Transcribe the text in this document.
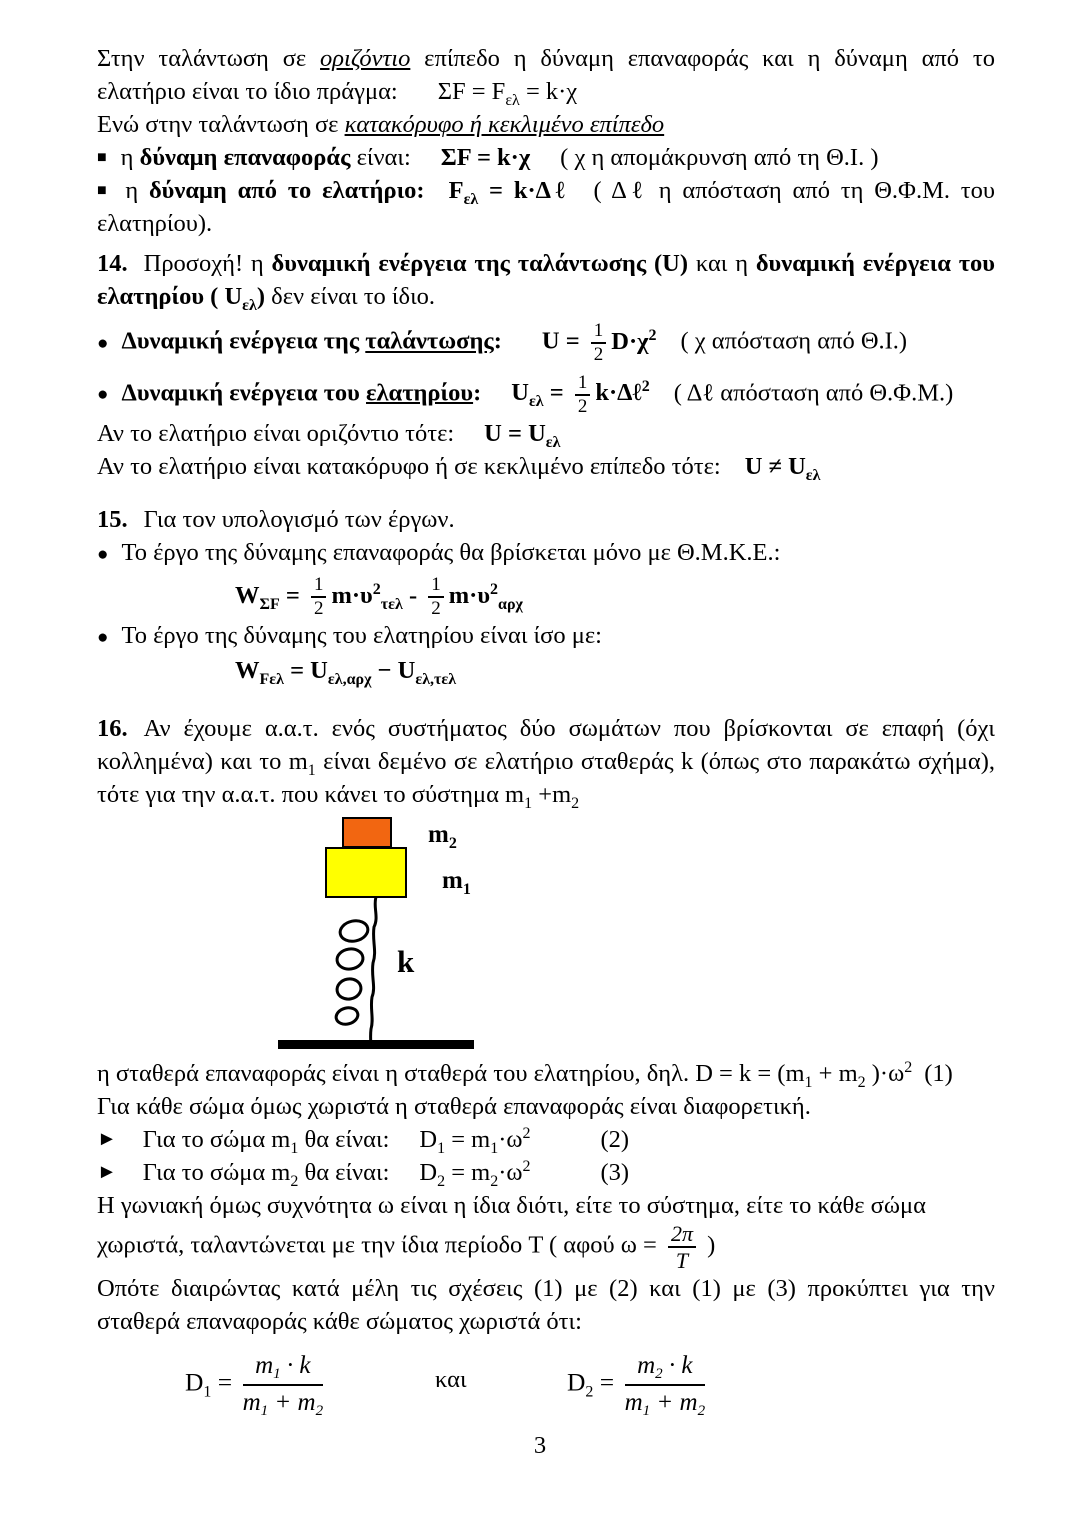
Στην ταλάντωση σε οριζόντιο επίπεδο η δύναμη επαναφοράς και η δύναμη από το ελατήριο είναι το ίδιο πράγμα: $\Sigma F = F_{\varepsilon\lambda} = k\cdot\chi$

Ενώ στην ταλάντωση σε κατακόρυφο ή κεκλιμένο επίπεδο

■ η δύναμη επαναφοράς είναι: ΣF = k·χ ( χ η απομάκρυνση από τη Θ.Ι. )

■ η δύναμη από το ελατήριο: $F_{\varepsilon\lambda}$ = k·Δℓ ( Δℓ η απόσταση από τη Θ.Φ.Μ. του ελατηρίου).

14. Προσοχή! η δυναμική ενέργεια της ταλάντωσης (U) και η δυναμική ενέργεια του ελατηρίου ( $U_{\varepsilon\lambda}$) δεν είναι το ίδιο.

● Δυναμική ενέργεια της ταλάντωσης: $U = \frac{1}{2} D\cdot\chi^2$ ( χ απόσταση από Θ.Ι.)

● Δυναμική ενέργεια του ελατηρίου: $U_{\varepsilon\lambda} = \frac{1}{2}$ k·Δℓ$^2$ ( Δℓ απόσταση από Θ.Φ.Μ.)

Αν το ελατήριο είναι οριζόντιο τότε: $U = U_{\varepsilon\lambda}$

Αν το ελατήριο είναι κατακόρυφο ή σε κεκλιμένο επίπεδο τότε: $U \ne U_{\varepsilon\lambda}$

15. Για τον υπολογισμό των έργων.

● Το έργο της δύναμης επαναφοράς θα βρίσκεται μόνο με Θ.Μ.Κ.Ε.:

$W_{\Sigma F} = \frac{1}{2} m\cdot\upsilon^2_{\tau\varepsilon\lambda} - \frac{1}{2} m\cdot\upsilon^2_{\alpha\rho\chi}$

● Το έργο της δύναμης του ελατηρίου είναι ίσο με:

$W_{F\varepsilon\lambda} = U_{\varepsilon\lambda,\alpha\rho\chi} - U_{\varepsilon\lambda,\tau\varepsilon\lambda}$

16. Αν έχουμε α.α.τ. ενός συστήματος δύο σωμάτων που βρίσκονται σε επαφή (όχι κολλημένα) και το $m_1$ είναι δεμένο σε ελατήριο σταθεράς k (όπως στο παρακάτω σχήμα), τότε για την α.α.τ. που κάνει το σύστημα $m_1 +m_2$

$m_2$
$m_1$
k

η σταθερά επαναφοράς είναι η σταθερά του ελατηρίου, δηλ. $D = k = (m_1 + m_2$ )$\cdot\omega^2$ (1)

Για κάθε σώμα όμως χωριστά η σταθερά επαναφοράς είναι διαφορετική.

► Για το σώμα $m_1$ θα είναι: $D_1 = m_1\cdot\omega^2$	(2)

► Για το σώμα $m_2$ θα είναι: $D_2 = m_2\cdot\omega^2$	(3)

Η γωνιακή όμως συχνότητα ω είναι η ίδια διότι, είτε το σύστημα, είτε το κάθε σώμα

χωριστά, ταλαντώνεται με την ίδια περίοδο T ( αφού $\omega = \frac{2\pi}{T}$ )

Οπότε διαιρώντας κατά μέλη τις σχέσεις (1) με (2) και (1) με (3) προκύπτει για την σταθερά επαναφοράς κάθε σώματος χωριστά ότι:

$D_1 = \frac{m_1 \cdot k}{m_1 + m_2}$	και	$D_2 = \frac{m_2 \cdot k}{m_1 + m_2}$
3
